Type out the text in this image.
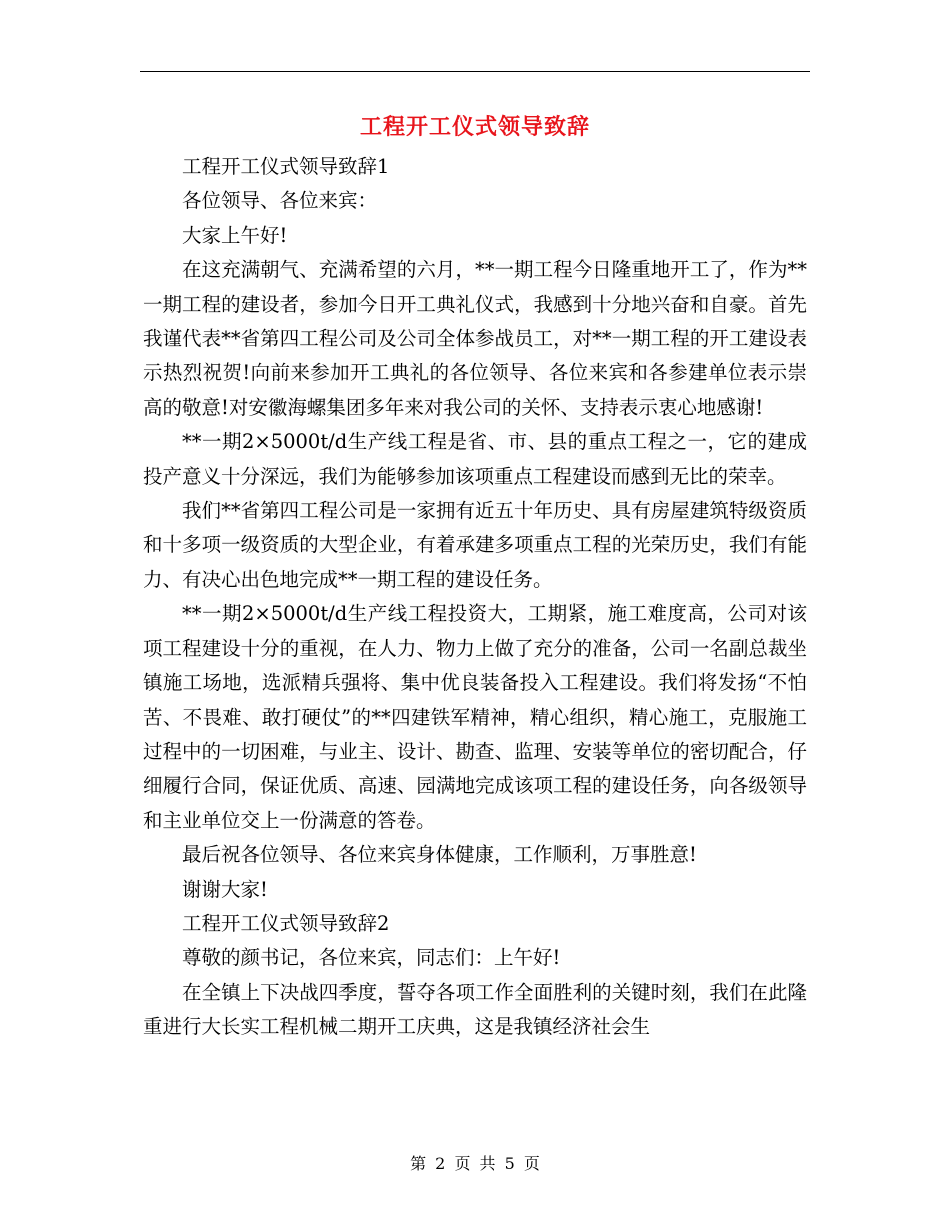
工程开工仪式领导致辞

工程开工仪式领导致辞1

各位领导、各位来宾：

大家上午好!

在这充满朝气、充满希望的六月，**一期工程今日隆重地开工了，作为**一期工程的建设者，参加今日开工典礼仪式，我感到十分地兴奋和自豪。首先我谨代表**省第四工程公司及公司全体参战员工，对**一期工程的开工建设表示热烈祝贺!向前来参加开工典礼的各位领导、各位来宾和各参建单位表示崇高的敬意!对安徽海螺集团多年来对我公司的关怀、支持表示衷心地感谢!

**一期2×5000t/d生产线工程是省、市、县的重点工程之一，它的建成投产意义十分深远，我们为能够参加该项重点工程建设而感到无比的荣幸。

我们**省第四工程公司是一家拥有近五十年历史、具有房屋建筑特级资质和十多项一级资质的大型企业，有着承建多项重点工程的光荣历史，我们有能力、有决心出色地完成**一期工程的建设任务。

**一期2×5000t/d生产线工程投资大，工期紧，施工难度高，公司对该项工程建设十分的重视，在人力、物力上做了充分的准备，公司一名副总裁坐镇施工场地，选派精兵强将、集中优良装备投入工程建设。我们将发扬“不怕苦、不畏难、敢打硬仗”的**四建铁军精神，精心组织，精心施工，克服施工过程中的一切困难，与业主、设计、勘查、监理、安装等单位的密切配合，仔细履行合同，保证优质、高速、园满地完成该项工程的建设任务，向各级领导和主业单位交上一份满意的答卷。

最后祝各位领导、各位来宾身体健康，工作顺利，万事胜意!

谢谢大家!

工程开工仪式领导致辞2

尊敬的颜书记，各位来宾，同志们：上午好!

在全镇上下决战四季度，誓夺各项工作全面胜利的关键时刻，我们在此隆重进行大长实工程机械二期开工庆典，这是我镇经济社会生

第 2 页 共 5 页
